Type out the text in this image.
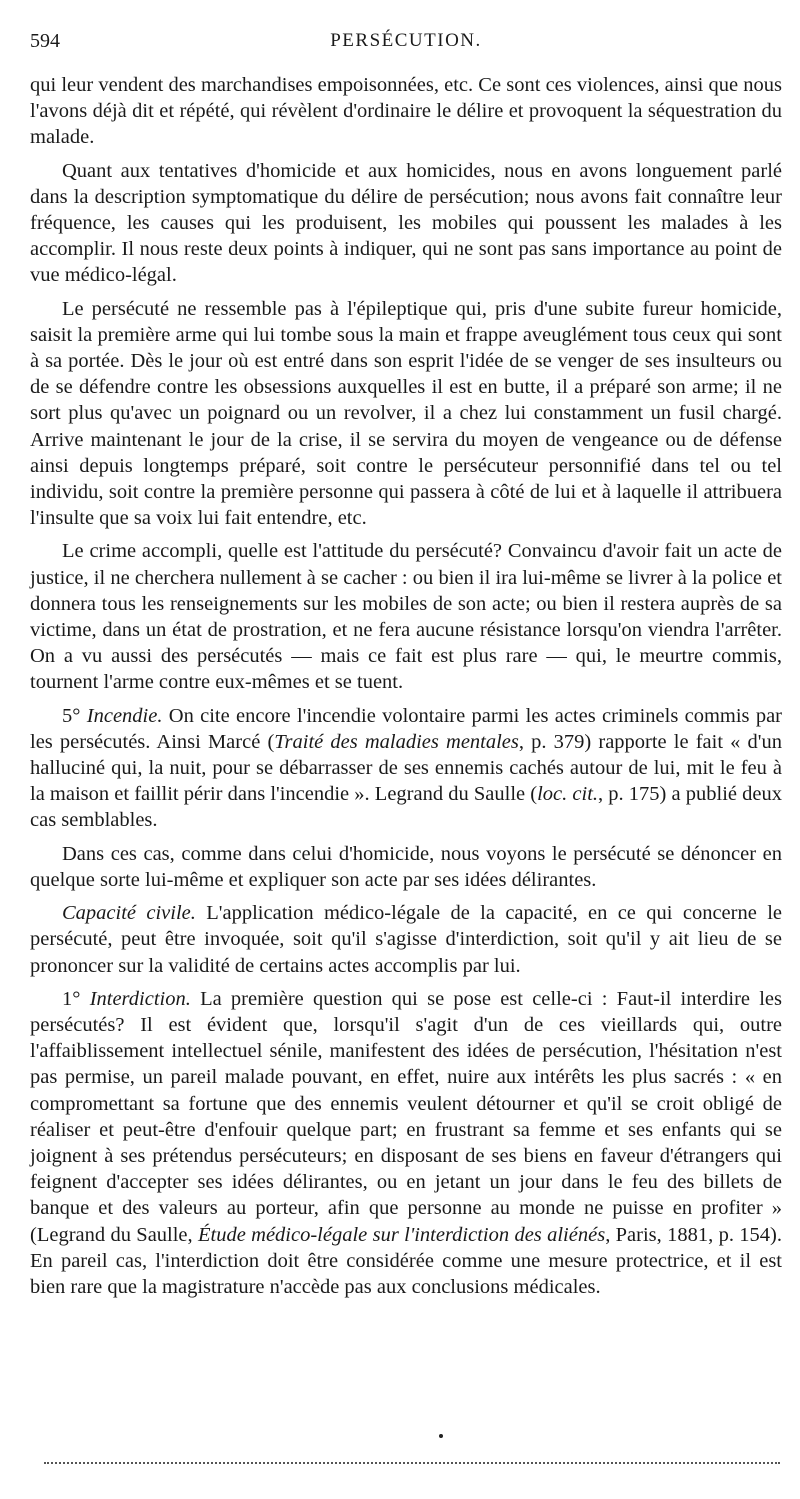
594	PERSÉCUTION.

qui leur vendent des marchandises empoisonnées, etc. Ce sont ces violences, ainsi que nous l'avons déjà dit et répété, qui révèlent d'ordinaire le délire et provoquent la séquestration du malade.

Quant aux tentatives d'homicide et aux homicides, nous en avons longuement parlé dans la description symptomatique du délire de persécution; nous avons fait connaître leur fréquence, les causes qui les produisent, les mobiles qui poussent les malades à les accomplir. Il nous reste deux points à indiquer, qui ne sont pas sans importance au point de vue médico-légal.

Le persécuté ne ressemble pas à l'épileptique qui, pris d'une subite fureur homicide, saisit la première arme qui lui tombe sous la main et frappe aveuglément tous ceux qui sont à sa portée. Dès le jour où est entré dans son esprit l'idée de se venger de ses insulteurs ou de se défendre contre les obsessions auxquelles il est en butte, il a préparé son arme; il ne sort plus qu'avec un poignard ou un revolver, il a chez lui constamment un fusil chargé. Arrive maintenant le jour de la crise, il se servira du moyen de vengeance ou de défense ainsi depuis longtemps préparé, soit contre le persécuteur personnifié dans tel ou tel individu, soit contre la première personne qui passera à côté de lui et à laquelle il attribuera l'insulte que sa voix lui fait entendre, etc.

Le crime accompli, quelle est l'attitude du persécuté? Convaincu d'avoir fait un acte de justice, il ne cherchera nullement à se cacher : ou bien il ira lui-même se livrer à la police et donnera tous les renseignements sur les mobiles de son acte; ou bien il restera auprès de sa victime, dans un état de prostration, et ne fera aucune résistance lorsqu'on viendra l'arrêter. On a vu aussi des persécutés — mais ce fait est plus rare — qui, le meurtre commis, tournent l'arme contre eux-mêmes et se tuent.

5° Incendie. On cite encore l'incendie volontaire parmi les actes criminels commis par les persécutés. Ainsi Marcé (Traité des maladies mentales, p. 379) rapporte le fait « d'un halluciné qui, la nuit, pour se débarrasser de ses ennemis cachés autour de lui, mit le feu à la maison et faillit périr dans l'incendie ». Legrand du Saulle (loc. cit., p. 175) a publié deux cas semblables.

Dans ces cas, comme dans celui d'homicide, nous voyons le persécuté se dénoncer en quelque sorte lui-même et expliquer son acte par ses idées délirantes.

Capacité civile. L'application médico-légale de la capacité, en ce qui concerne le persécuté, peut être invoquée, soit qu'il s'agisse d'interdiction, soit qu'il y ait lieu de se prononcer sur la validité de certains actes accomplis par lui.

1° Interdiction. La première question qui se pose est celle-ci : Faut-il interdire les persécutés? Il est évident que, lorsqu'il s'agit d'un de ces vieillards qui, outre l'affaiblissement intellectuel sénile, manifestent des idées de persécution, l'hésitation n'est pas permise, un pareil malade pouvant, en effet, nuire aux intérêts les plus sacrés : « en compromettant sa fortune que des ennemis veulent détourner et qu'il se croit obligé de réaliser et peut-être d'enfouir quelque part; en frustrant sa femme et ses enfants qui se joignent à ses prétendus persécuteurs; en disposant de ses biens en faveur d'étrangers qui feignent d'accepter ses idées délirantes, ou en jetant un jour dans le feu des billets de banque et des valeurs au porteur, afin que personne au monde ne puisse en profiter » (Legrand du Saulle, Étude médico-légale sur l'interdiction des aliénés, Paris, 1881, p. 154). En pareil cas, l'interdiction doit être considérée comme une mesure protectrice, et il est bien rare que la magistrature n'accède pas aux conclusions médicales.
